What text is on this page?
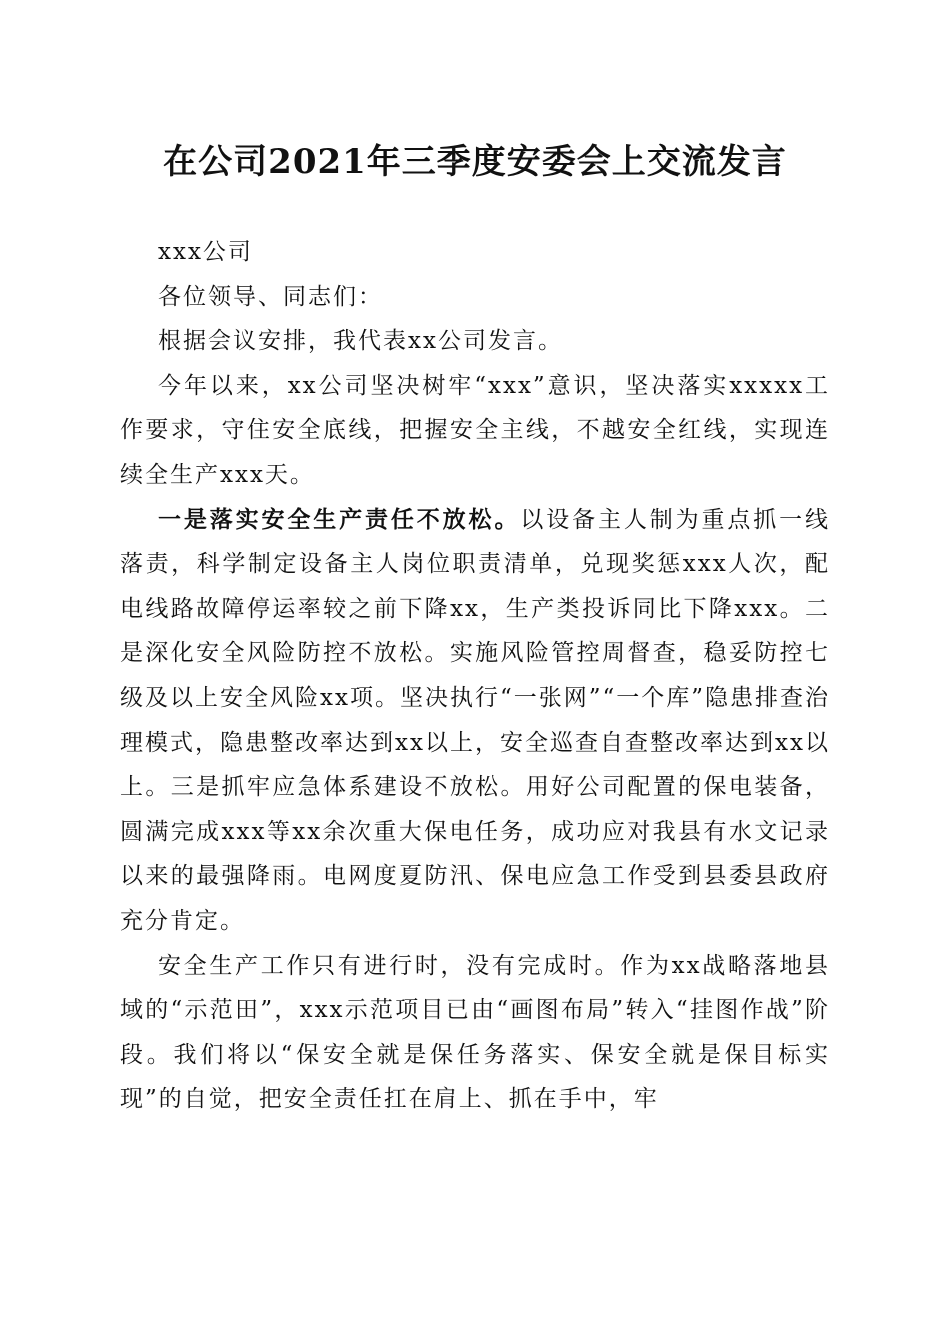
在公司2021年三季度安委会上交流发言

xxx公司

各位领导、同志们：

根据会议安排，我代表xx公司发言。

今年以来，xx公司坚决树牢“xxx”意识，坚决落实xxxxx工作要求，守住安全底线，把握安全主线，不越安全红线，实现连续全生产xxx天。

一是落实安全生产责任不放松。以设备主人制为重点抓一线落责，科学制定设备主人岗位职责清单，兑现奖惩xxx人次，配电线路故障停运率较之前下降xx，生产类投诉同比下降xxx。二是深化安全风险防控不放松。实施风险管控周督查，稳妥防控七级及以上安全风险xx项。坚决执行“一张网”“一个库”隐患排查治理模式，隐患整改率达到xx以上，安全巡查自查整改率达到xx以上。三是抓牢应急体系建设不放松。用好公司配置的保电装备，圆满完成xxx等xx余次重大保电任务，成功应对我县有水文记录以来的最强降雨。电网度夏防汛、保电应急工作受到县委县政府充分肯定。

安全生产工作只有进行时，没有完成时。作为xx战略落地县域的“示范田”，xxx示范项目已由“画图布局”转入“挂图作战”阶段。我们将以“保安全就是保任务落实、保安全就是保目标实现”的自觉，把安全责任扛在肩上、抓在手中，牢
